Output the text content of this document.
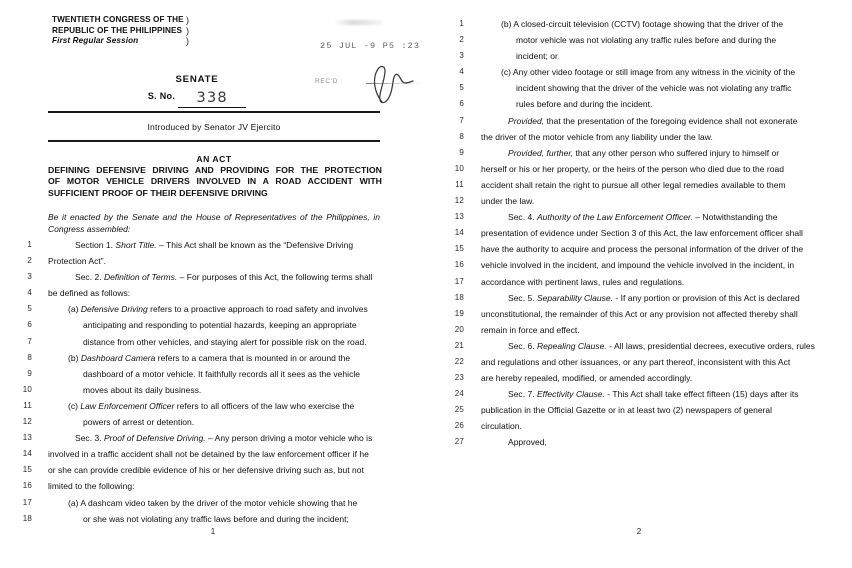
TWENTIETH CONGRESS OF THE
REPUBLIC OF THE PHILIPPINES
First Regular Session
)
)
)	25 JUL -9 P5 :23
REC'D
SENATE
S. No. 338
Introduced by Senator JV Ejercito
AN ACT
DEFINING DEFENSIVE DRIVING AND PROVIDING FOR THE PROTECTION
OF MOTOR VEHICLE DRIVERS INVOLVED IN A ROAD ACCIDENT WITH
SUFFICIENT PROOF OF THEIR DEFENSIVE DRIVING
Be it enacted by the Senate and the House of Representatives of the Philippines, in Congress assembled:
1	Section 1. Short Title. – This Act shall be known as the “Defensive Driving
2 Protection Act”.
3	Sec. 2. Definition of Terms. – For purposes of this Act, the following terms shall
4 be defined as follows:
5	(a) Defensive Driving refers to a proactive approach to road safety and involves
6	anticipating and responding to potential hazards, keeping an appropriate
7	distance from other vehicles, and staying alert for possible risk on the road.
8	(b) Dashboard Camera refers to a camera that is mounted in or around the
9	dashboard of a motor vehicle. It faithfully records all it sees as the vehicle
10	moves about its daily business.
11	(c) Law Enforcement Officer refers to all officers of the law who exercise the
12	powers of arrest or detention.
13	Sec. 3. Proof of Defensive Driving. – Any person driving a motor vehicle who is
14 involved in a traffic accident shall not be detained by the law enforcement officer if he
15 or she can provide credible evidence of his or her defensive driving such as, but not
16 limited to the following:
17	(a) A dashcam video taken by the driver of the motor vehicle showing that he
18	or she was not violating any traffic laws before and during the incident;
1
1	(b) A closed-circuit television (CCTV) footage showing that the driver of the
2	motor vehicle was not violating any traffic rules before and during the
3	incident; or
4	(c) Any other video footage or still image from any witness in the vicinity of the
5	incident showing that the driver of the vehicle was not violating any traffic
6	rules before and during the incident.
7	Provided, that the presentation of the foregoing evidence shall not exonerate
8 the driver of the motor vehicle from any liability under the law.
9	Provided, further, that any other person who suffered injury to himself or
10 herself or his or her property, or the heirs of the person who died due to the road
11 accident shall retain the right to pursue all other legal remedies available to them
12 under the law.
13	Sec. 4. Authority of the Law Enforcement Officer. – Notwithstanding the
14 presentation of evidence under Section 3 of this Act, the law enforcement officer shall
15 have the authority to acquire and process the personal information of the driver of the
16 vehicle involved in the incident, and impound the vehicle involved in the incident, in
17 accordance with pertinent laws, rules and regulations.
18	Sec. 5. Separability Clause. - If any portion or provision of this Act is declared
19 unconstitutional, the remainder of this Act or any provision not affected thereby shall
20 remain in force and effect.
21	Sec. 6. Repealing Clause. - All laws, presidential decrees, executive orders, rules
22 and regulations and other issuances, or any part thereof, inconsistent with this Act
23 are hereby repealed, modified, or amended accordingly.
24	Sec. 7. Effectivity Clause. - This Act shall take effect fifteen (15) days after its
25 publication in the Official Gazette or in at least two (2) newspapers of general
26 circulation.
27	Approved,
2
